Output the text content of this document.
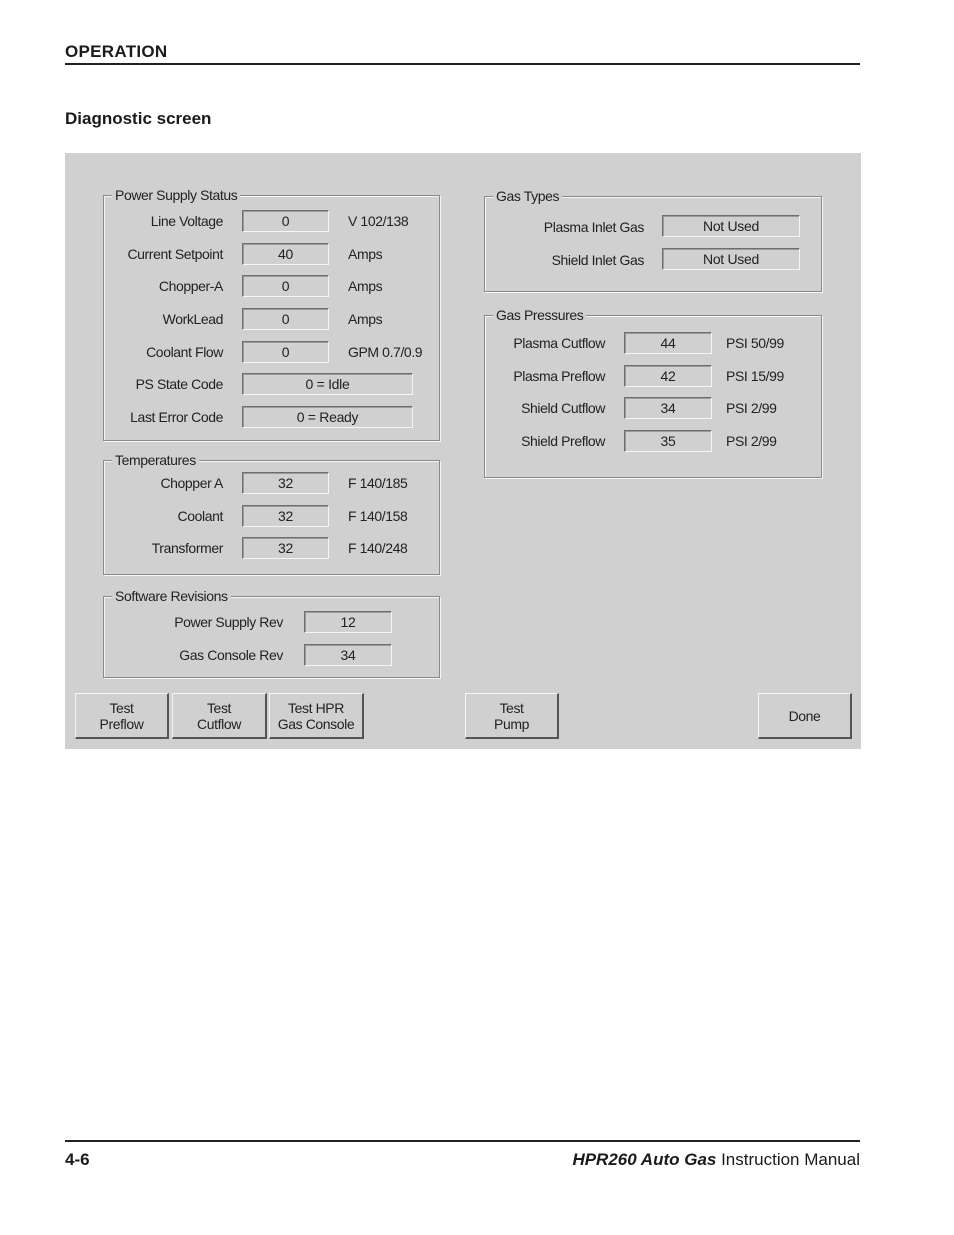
OPERATION
Diagnostic screen
Power Supply Status
Line Voltage	0	V 102/138
Current Setpoint	40	Amps
Chopper-A	0	Amps
WorkLead	0	Amps
Coolant Flow	0	GPM 0.7/0.9
PS State Code	0 = Idle
Last Error Code	0 = Ready
Temperatures
Chopper A	32	F 140/185
Coolant	32	F 140/158
Transformer	32	F 140/248
Software Revisions
Power Supply Rev	12
Gas Console Rev	34
Gas Types
Plasma Inlet Gas	Not Used
Shield Inlet Gas	Not Used
Gas Pressures
Plasma Cutflow	44	PSI 50/99
Plasma Preflow	42	PSI 15/99
Shield Cutflow	34	PSI 2/99
Shield Preflow	35	PSI 2/99
Test
Preflow
Test
Cutflow
Test HPR
Gas Console
Test
Pump	Done
4-6	HPR260 Auto Gas Instruction Manual
